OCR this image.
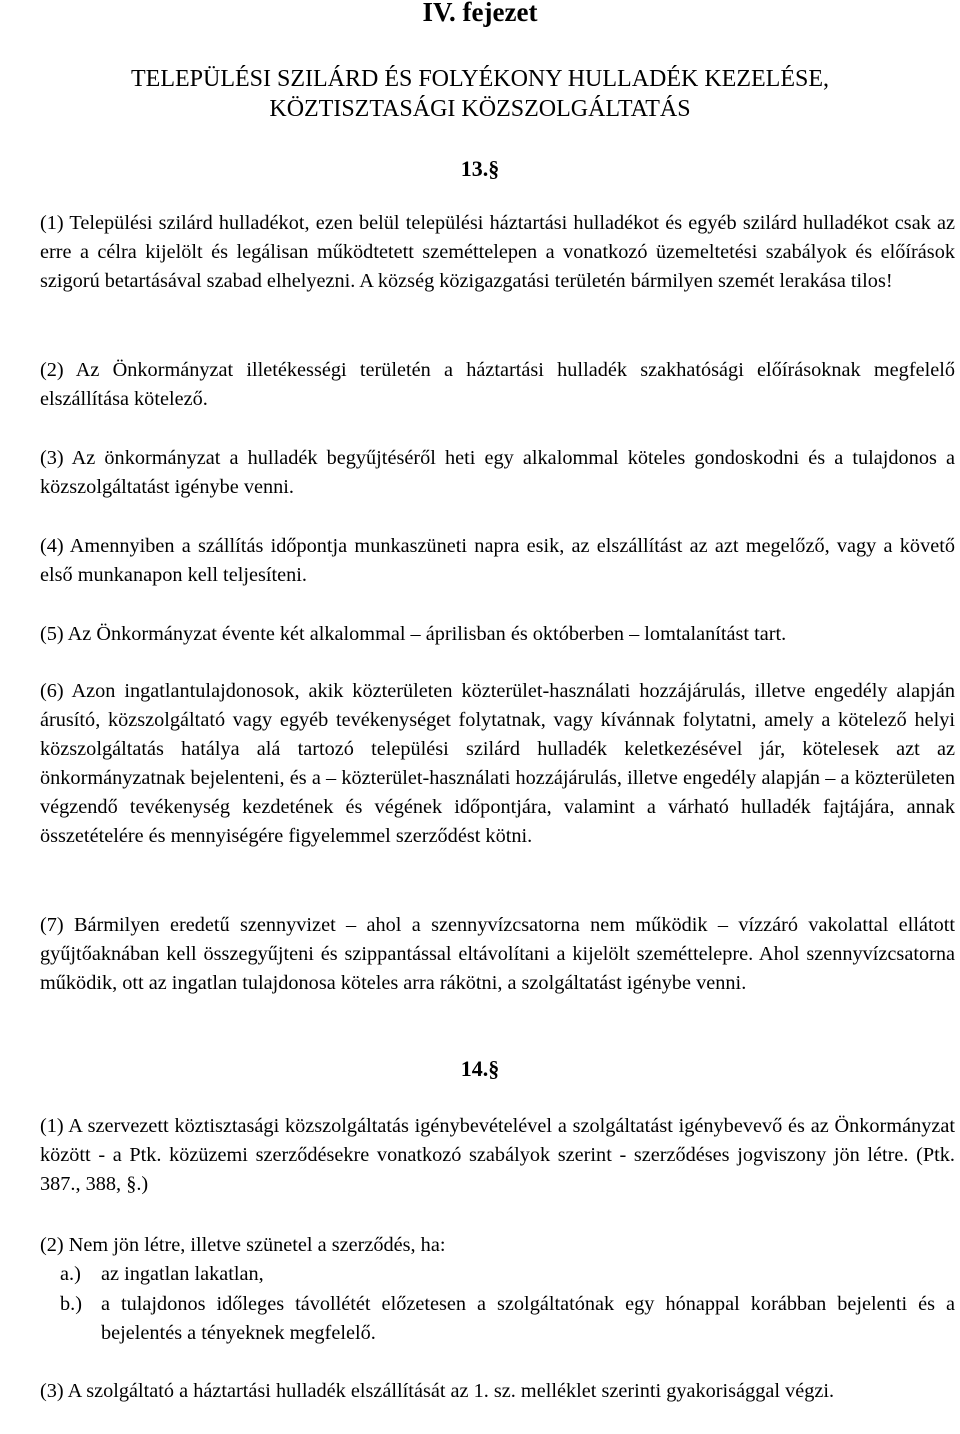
IV. fejezet
TELEPÜLÉSI SZILÁRD ÉS FOLYÉKONY HULLADÉK KEZELÉSE,
KÖZTISZTASÁGI KÖZSZOLGÁLTATÁS
13.§
(1) Települési szilárd hulladékot, ezen belül települési háztartási hulladékot és egyéb szilárd hulladékot csak az erre a célra kijelölt és legálisan működtetett szeméttelepen a vonatkozó üzemeltetési szabályok és előírások szigorú betartásával szabad elhelyezni. A község közigazgatási területén bármilyen szemét lerakása tilos!
(2) Az Önkormányzat illetékességi területén a háztartási hulladék szakhatósági előírásoknak megfelelő elszállítása kötelező.
(3) Az önkormányzat a hulladék begyűjtéséről heti egy alkalommal köteles gondoskodni és a tulajdonos a közszolgáltatást igénybe venni.
(4) Amennyiben a szállítás időpontja munkaszüneti napra esik, az elszállítást az azt megelőző, vagy a követő első munkanapon kell teljesíteni.
(5) Az Önkormányzat évente két alkalommal – áprilisban és októberben – lomtalanítást tart.
(6) Azon ingatlantulajdonosok, akik közterületen közterület-használati hozzájárulás, illetve engedély alapján árusító, közszolgáltató vagy egyéb tevékenységet folytatnak, vagy kívánnak folytatni, amely a kötelező helyi közszolgáltatás hatálya alá tartozó települési szilárd hulladék keletkezésével jár, kötelesek azt az önkormányzatnak bejelenteni, és a – közterület-használati hozzájárulás, illetve engedély alapján – a közterületen végzendő tevékenység kezdetének és végének időpontjára, valamint a várható hulladék fajtájára, annak összetételére és mennyiségére figyelemmel szerződést kötni.
(7) Bármilyen eredetű szennyvizet – ahol a szennyvízcsatorna nem működik – vízzáró vakolattal ellátott gyűjtőaknában kell összegyűjteni és szippantással eltávolítani a kijelölt szeméttelepre. Ahol szennyvízcsatorna működik, ott az ingatlan tulajdonosa köteles arra rákötni, a szolgáltatást igénybe venni.
14.§
(1) A szervezett köztisztasági közszolgáltatás igénybevételével a szolgáltatást igénybevevő és az Önkormányzat között - a Ptk. közüzemi szerződésekre vonatkozó szabályok szerint - szerződéses jogviszony jön létre. (Ptk. 387., 388, §.)
(2) Nem jön létre, illetve szünetel a szerződés, ha:
a.) az ingatlan lakatlan,
b.) a tulajdonos időleges távollétét előzetesen a szolgáltatónak egy hónappal korábban bejelenti és a bejelentés a tényeknek megfelelő.
(3) A szolgáltató a háztartási hulladék elszállítását az 1. sz. melléklet szerinti gyakorisággal végzi.
